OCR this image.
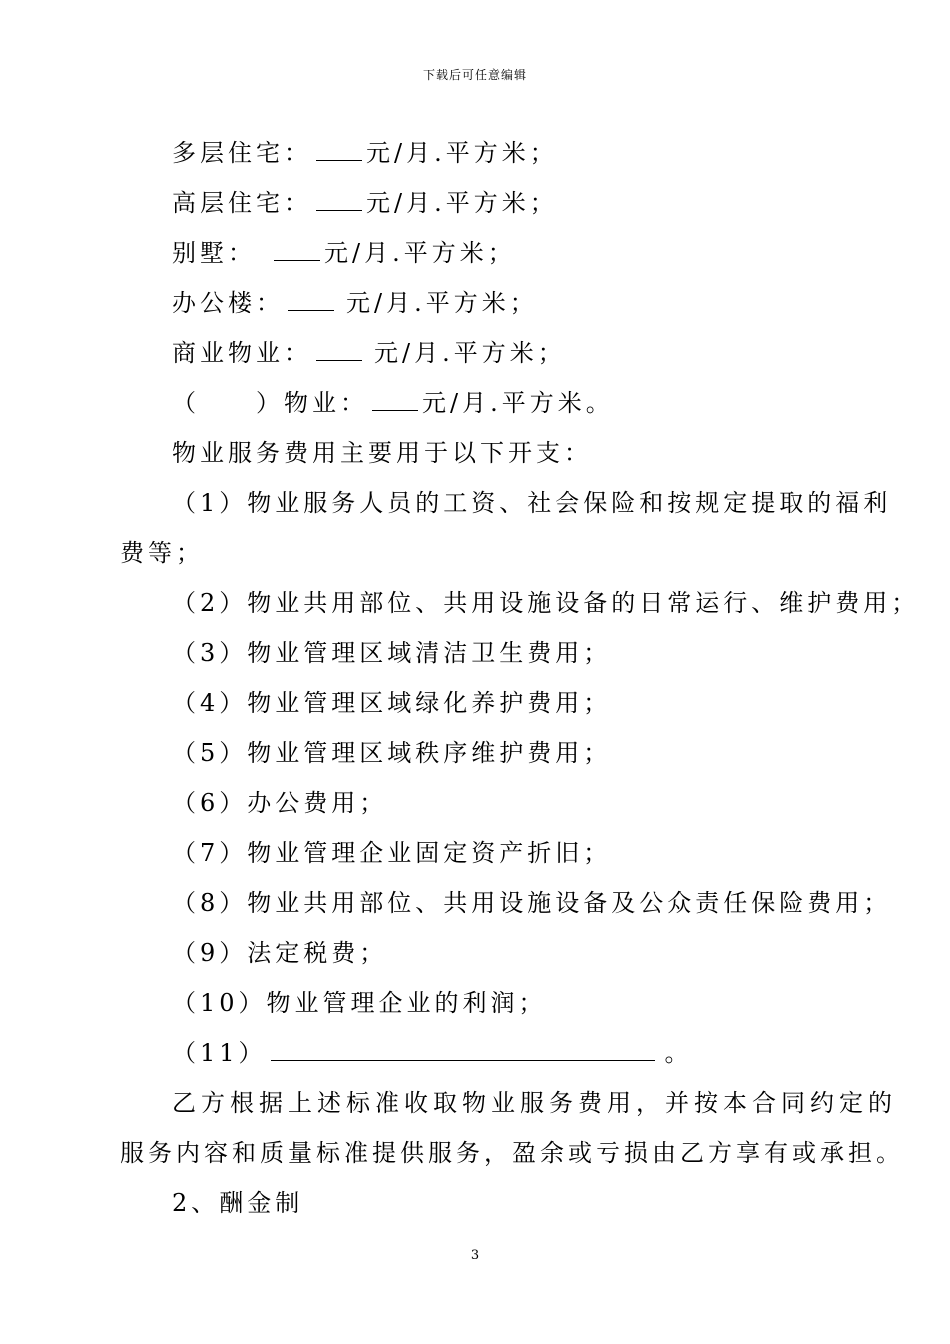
下载后可任意编辑
多层住宅： 元/月.平方米；
高层住宅： 元/月.平方米；
别墅：	元/月.平方米；
办公楼：	元/月.平方米；
商业物业：	元/月.平方米；
（　　）物业： 元/月.平方米。
物业服务费用主要用于以下开支：
（1）物业服务人员的工资、社会保险和按规定提取的福利
费等；
（2）物业共用部位、共用设施设备的日常运行、维护费用；
（3）物业管理区域清洁卫生费用；
（4）物业管理区域绿化养护费用；
（5）物业管理区域秩序维护费用；
（6）办公费用；
（7）物业管理企业固定资产折旧；
（8）物业共用部位、共用设施设备及公众责任保险费用；
（9）法定税费；
（10）物业管理企业的利润；
（11）	。
乙方根据上述标准收取物业服务费用，并按本合同约定的
服务内容和质量标准提供服务，盈余或亏损由乙方享有或承担。
2、酬金制
3
